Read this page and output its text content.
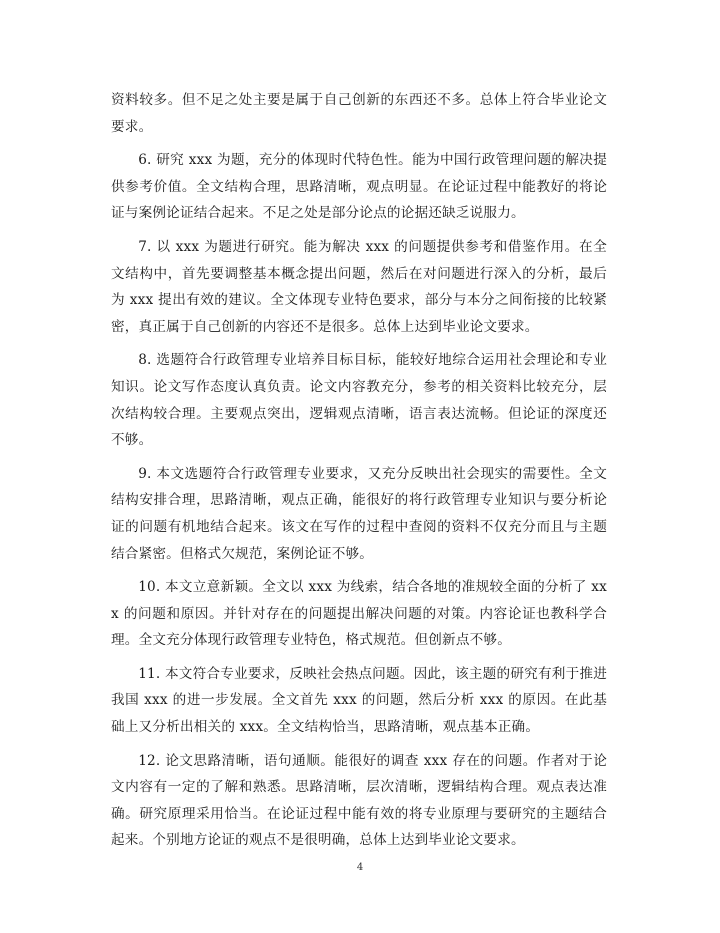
资料较多。但不足之处主要是属于自己创新的东西还不多。总体上符合毕业论文要求。

6. 研究 xxx 为题，充分的体现时代特色性。能为中国行政管理问题的解决提供参考价值。全文结构合理，思路清晰，观点明显。在论证过程中能教好的将论证与案例论证结合起来。不足之处是部分论点的论据还缺乏说服力。

7. 以 xxx 为题进行研究。能为解决 xxx 的问题提供参考和借鉴作用。在全文结构中，首先要调整基本概念提出问题，然后在对问题进行深入的分析，最后为 xxx 提出有效的建议。全文体现专业特色要求，部分与本分之间衔接的比较紧密，真正属于自己创新的内容还不是很多。总体上达到毕业论文要求。

8. 选题符合行政管理专业培养目标目标，能较好地综合运用社会理论和专业知识。论文写作态度认真负责。论文内容教充分，参考的相关资料比较充分，层次结构较合理。主要观点突出，逻辑观点清晰，语言表达流畅。但论证的深度还不够。

9. 本文选题符合行政管理专业要求，又充分反映出社会现实的需要性。全文结构安排合理，思路清晰，观点正确，能很好的将行政管理专业知识与要分析论证的问题有机地结合起来。该文在写作的过程中查阅的资料不仅充分而且与主题结合紧密。但格式欠规范，案例论证不够。

10. 本文立意新颖。全文以 xxx 为线索，结合各地的准规较全面的分析了 xxx 的问题和原因。并针对存在的问题提出解决问题的对策。内容论证也教科学合理。全文充分体现行政管理专业特色，格式规范。但创新点不够。

11. 本文符合专业要求，反映社会热点问题。因此，该主题的研究有利于推进我国 xxx 的进一步发展。全文首先 xxx 的问题，然后分析 xxx 的原因。在此基础上又分析出相关的 xxx。全文结构恰当，思路清晰，观点基本正确。

12. 论文思路清晰，语句通顺。能很好的调查 xxx 存在的问题。作者对于论文内容有一定的了解和熟悉。思路清晰，层次清晰，逻辑结构合理。观点表达准确。研究原理采用恰当。在论证过程中能有效的将专业原理与要研究的主题结合起来。个别地方论证的观点不是很明确，总体上达到毕业论文要求。

4
